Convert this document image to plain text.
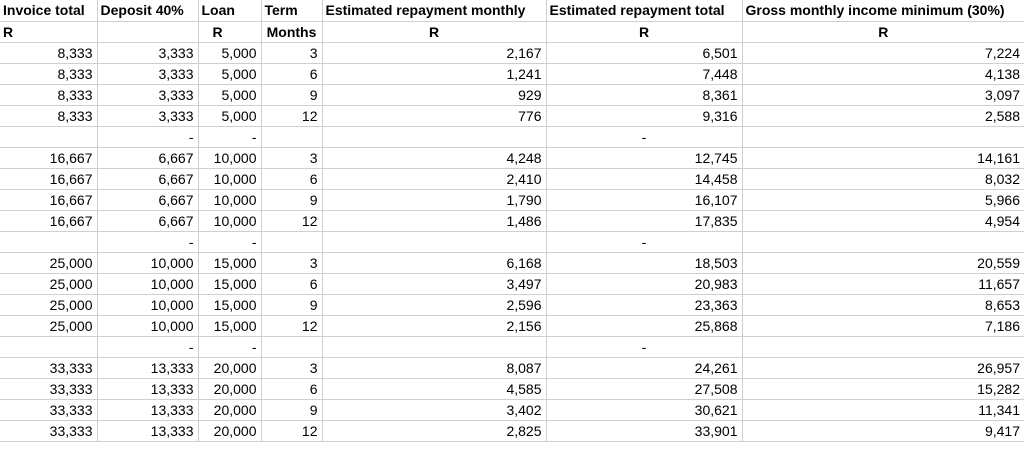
Invoice total	Deposit 40%	Loan	Term	Estimated repayment monthly	Estimated repayment total	Gross monthly income minimum (30%)
R		R	Months	R	R	R
8,333	3,333	5,000	3	2,167	6,501	7,224
8,333	3,333	5,000	6	1,241	7,448	4,138
8,333	3,333	5,000	9	929	8,361	3,097
8,333	3,333	5,000	12	776	9,316	2,588
	-	-			-	
16,667	6,667	10,000	3	4,248	12,745	14,161
16,667	6,667	10,000	6	2,410	14,458	8,032
16,667	6,667	10,000	9	1,790	16,107	5,966
16,667	6,667	10,000	12	1,486	17,835	4,954
	-	-			-	
25,000	10,000	15,000	3	6,168	18,503	20,559
25,000	10,000	15,000	6	3,497	20,983	11,657
25,000	10,000	15,000	9	2,596	23,363	8,653
25,000	10,000	15,000	12	2,156	25,868	7,186
	-	-			-	
33,333	13,333	20,000	3	8,087	24,261	26,957
33,333	13,333	20,000	6	4,585	27,508	15,282
33,333	13,333	20,000	9	3,402	30,621	11,341
33,333	13,333	20,000	12	2,825	33,901	9,417
